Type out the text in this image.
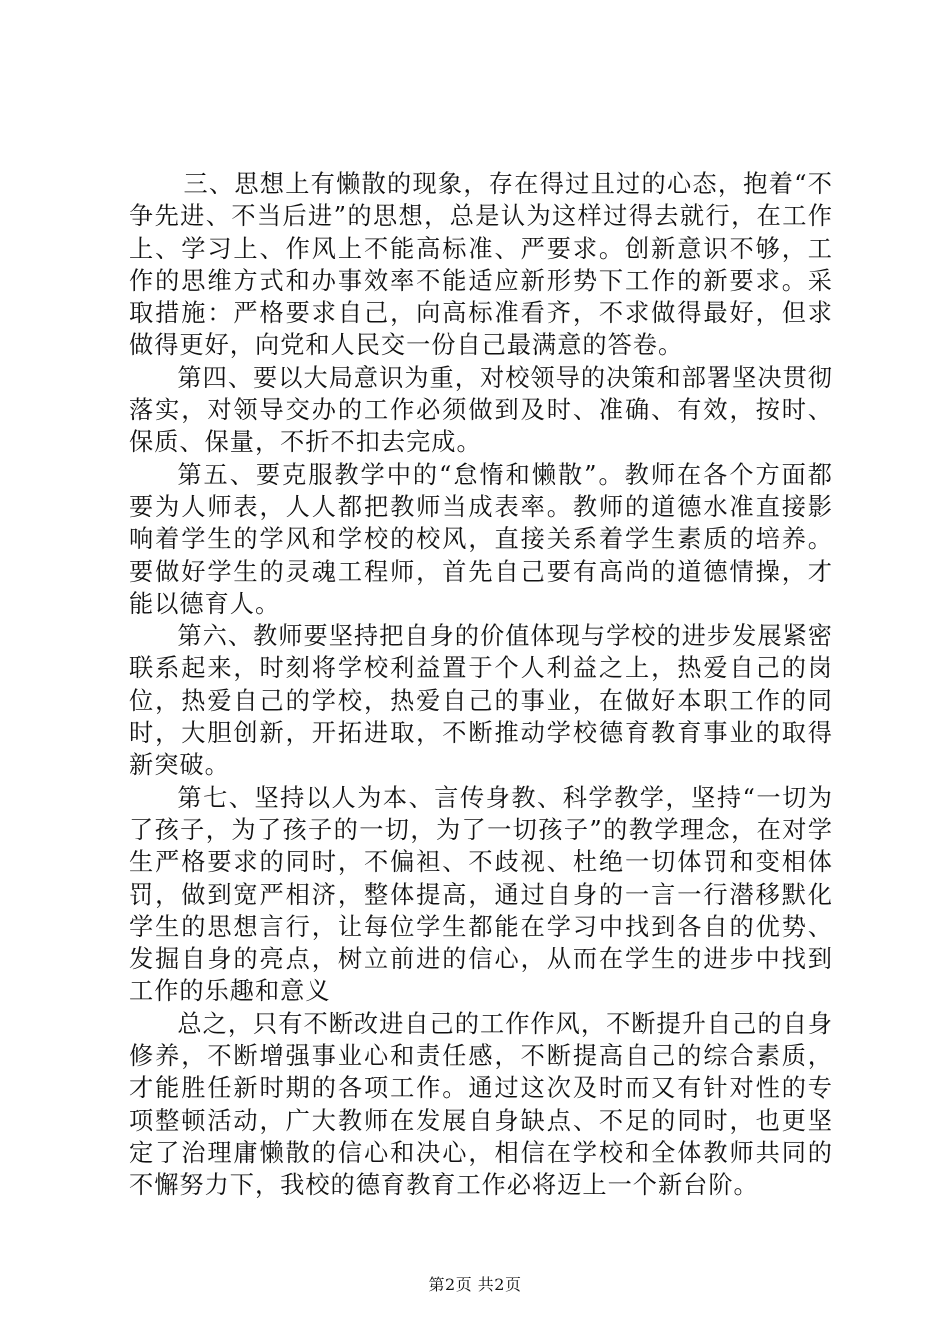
三、思想上有懒散的现象，存在得过且过的心态，抱着“不争先进、不当后进”的思想，总是认为这样过得去就行，在工作上、学习上、作风上不能高标准、严要求。创新意识不够，工作的思维方式和办事效率不能适应新形势下工作的新要求。采取措施：严格要求自己，向高标准看齐，不求做得最好，但求做得更好，向党和人民交一份自己最满意的答卷。

第四、要以大局意识为重，对校领导的决策和部署坚决贯彻落实，对领导交办的工作必须做到及时、准确、有效，按时、保质、保量，不折不扣去完成。

第五、要克服教学中的“怠惰和懒散”。教师在各个方面都要为人师表，人人都把教师当成表率。教师的道德水准直接影响着学生的学风和学校的校风，直接关系着学生素质的培养。要做好学生的灵魂工程师，首先自己要有高尚的道德情操，才能以德育人。

第六、教师要坚持把自身的价值体现与学校的进步发展紧密联系起来，时刻将学校利益置于个人利益之上，热爱自己的岗位，热爱自己的学校，热爱自己的事业，在做好本职工作的同时，大胆创新，开拓进取，不断推动学校德育教育事业的取得新突破。

第七、坚持以人为本、言传身教、科学教学，坚持“一切为了孩子，为了孩子的一切，为了一切孩子”的教学理念，在对学生严格要求的同时，不偏袒、不歧视、杜绝一切体罚和变相体罚，做到宽严相济，整体提高，通过自身的一言一行潜移默化学生的思想言行，让每位学生都能在学习中找到各自的优势、发掘自身的亮点，树立前进的信心，从而在学生的进步中找到工作的乐趣和意义

总之，只有不断改进自己的工作作风，不断提升自己的自身修养，不断增强事业心和责任感，不断提高自己的综合素质，才能胜任新时期的各项工作。通过这次及时而又有针对性的专项整顿活动，广大教师在发展自身缺点、不足的同时，也更坚定了治理庸懒散的信心和决心，相信在学校和全体教师共同的不懈努力下，我校的德育教育工作必将迈上一个新台阶。

第2页 共2页
